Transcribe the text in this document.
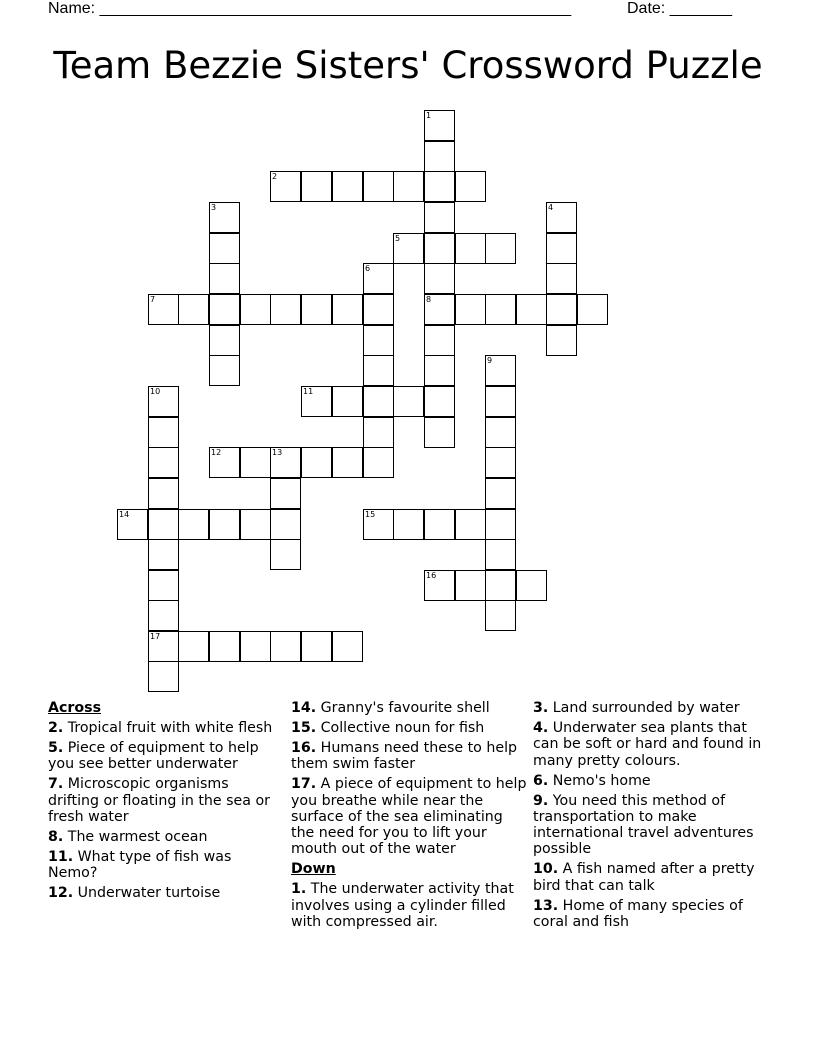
Name: _____________________________________________________	Date: _______
Team Bezzie Sisters' Crossword Puzzle
1
2
3	4
5
6
7	8
9
10	11
12	13
14	15
16
17
Across
2. Tropical fruit with white flesh
5. Piece of equipment to help you see better underwater
7. Microscopic organisms drifting or floating in the sea or fresh water
8. The warmest ocean
11. What type of fish was Nemo?
12. Underwater turtoise
14. Granny's favourite shell
15. Collective noun for fish
16. Humans need these to help them swim faster
17. A piece of equipment to help you breathe while near the surface of the sea eliminating the need for you to lift your mouth out of the water
Down
1. The underwater activity that involves using a cylinder filled with compressed air.
3. Land surrounded by water
4. Underwater sea plants that can be soft or hard and found in many pretty colours.
6. Nemo's home
9. You need this method of transportation to make international travel adventures possible
10. A fish named after a pretty bird that can talk
13. Home of many species of coral and fish
